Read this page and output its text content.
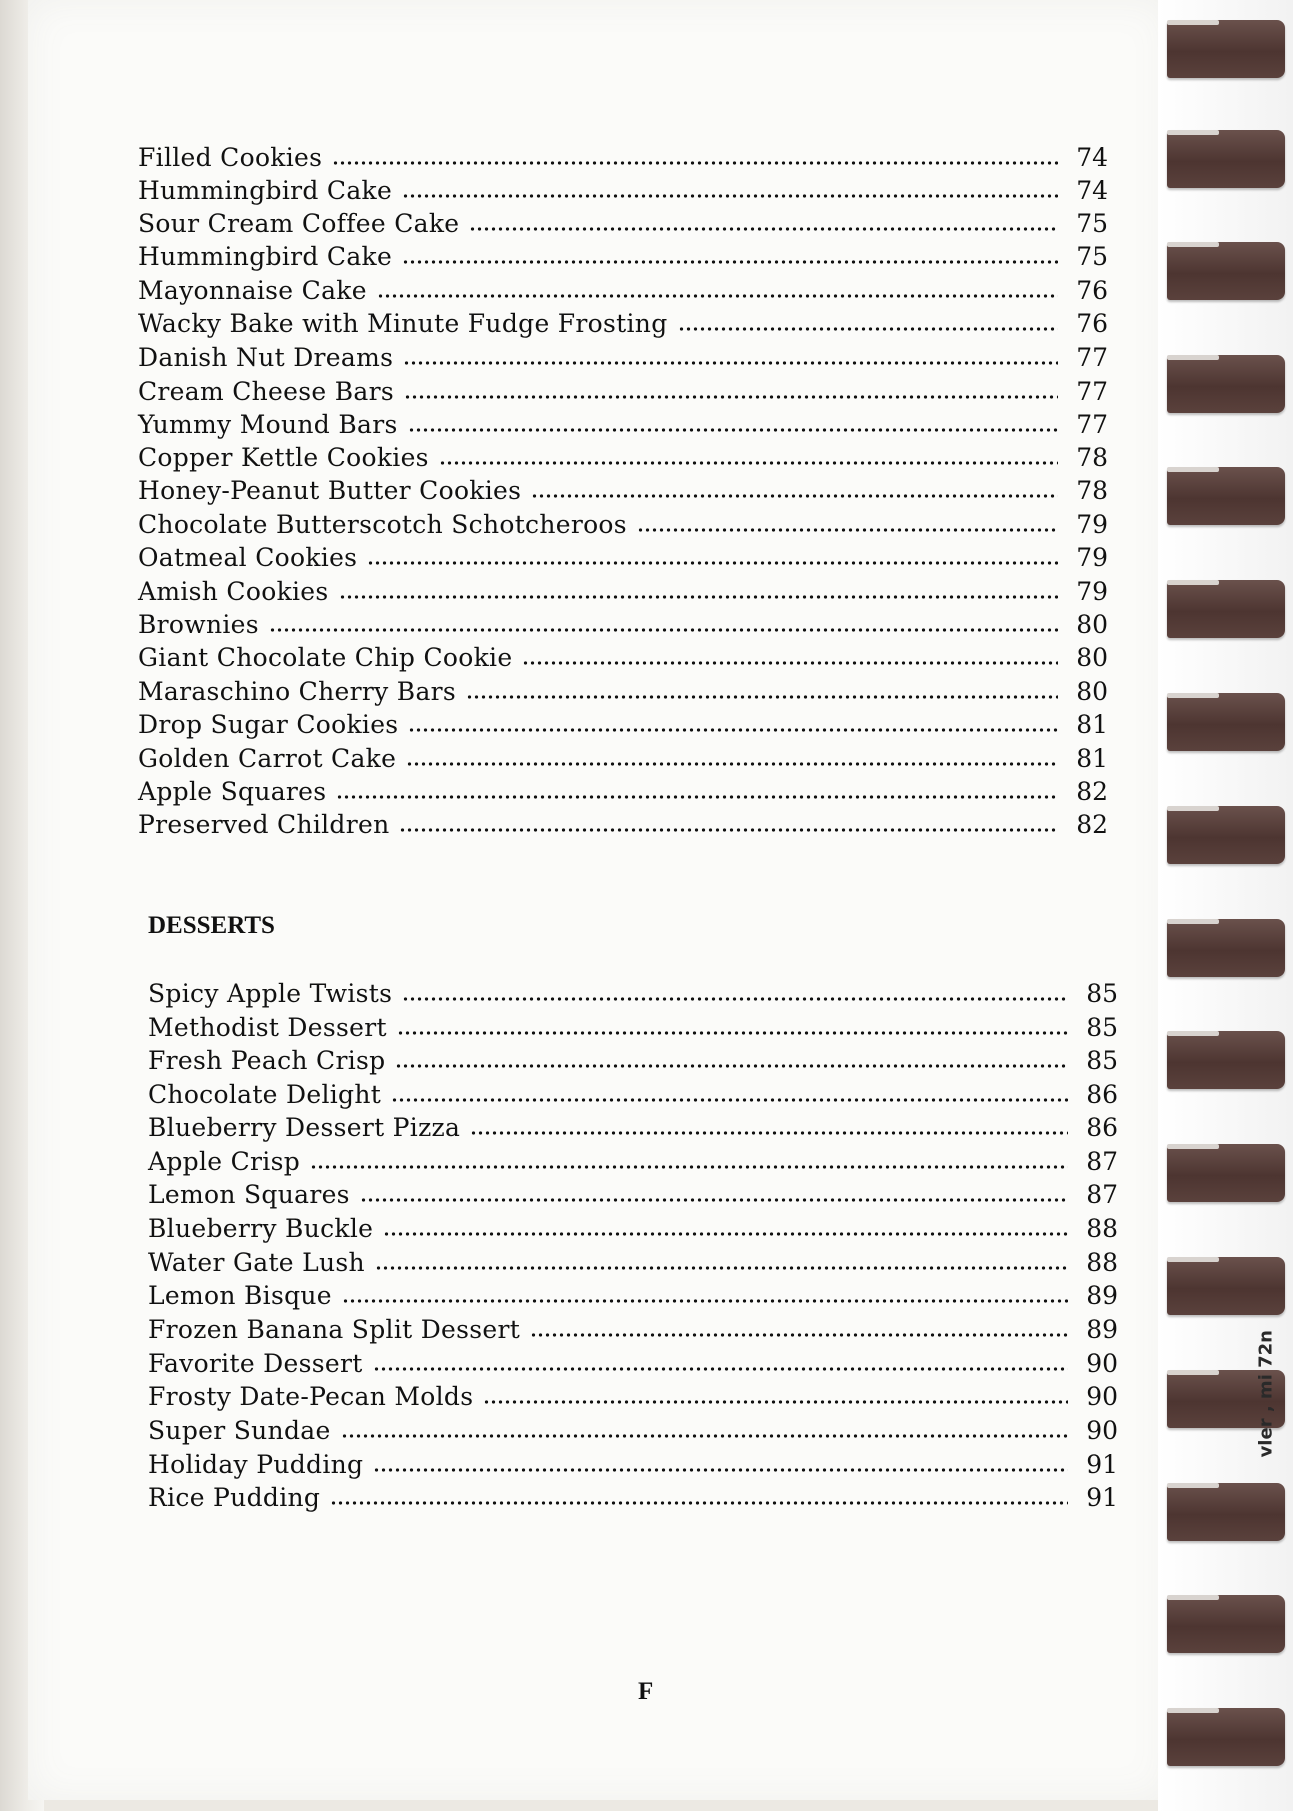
Filled Cookies	74
Hummingbird Cake	74
Sour Cream Coffee Cake	75
Hummingbird Cake	75
Mayonnaise Cake	76
Wacky Bake with Minute Fudge Frosting	76
Danish Nut Dreams	77
Cream Cheese Bars	77
Yummy Mound Bars	77
Copper Kettle Cookies	78
Honey-Peanut Butter Cookies	78
Chocolate Butterscotch Schotcheroos	79
Oatmeal Cookies	79
Amish Cookies	79
Brownies	80
Giant Chocolate Chip Cookie	80
Maraschino Cherry Bars	80
Drop Sugar Cookies	81
Golden Carrot Cake	81
Apple Squares	82
Preserved Children	82
DESSERTS
Spicy Apple Twists	85
Methodist Dessert	85
Fresh Peach Crisp	85
Chocolate Delight	86
Blueberry Dessert Pizza	86
Apple Crisp	87
Lemon Squares	87
Blueberry Buckle	88
Water Gate Lush	88
Lemon Bisque	89
Frozen Banana Split Dessert	89
Favorite Dessert	90
Frosty Date-Pecan Molds	90
Super Sundae	90
Holiday Pudding	91
Rice Pudding	91
F
vler , mi 72n
